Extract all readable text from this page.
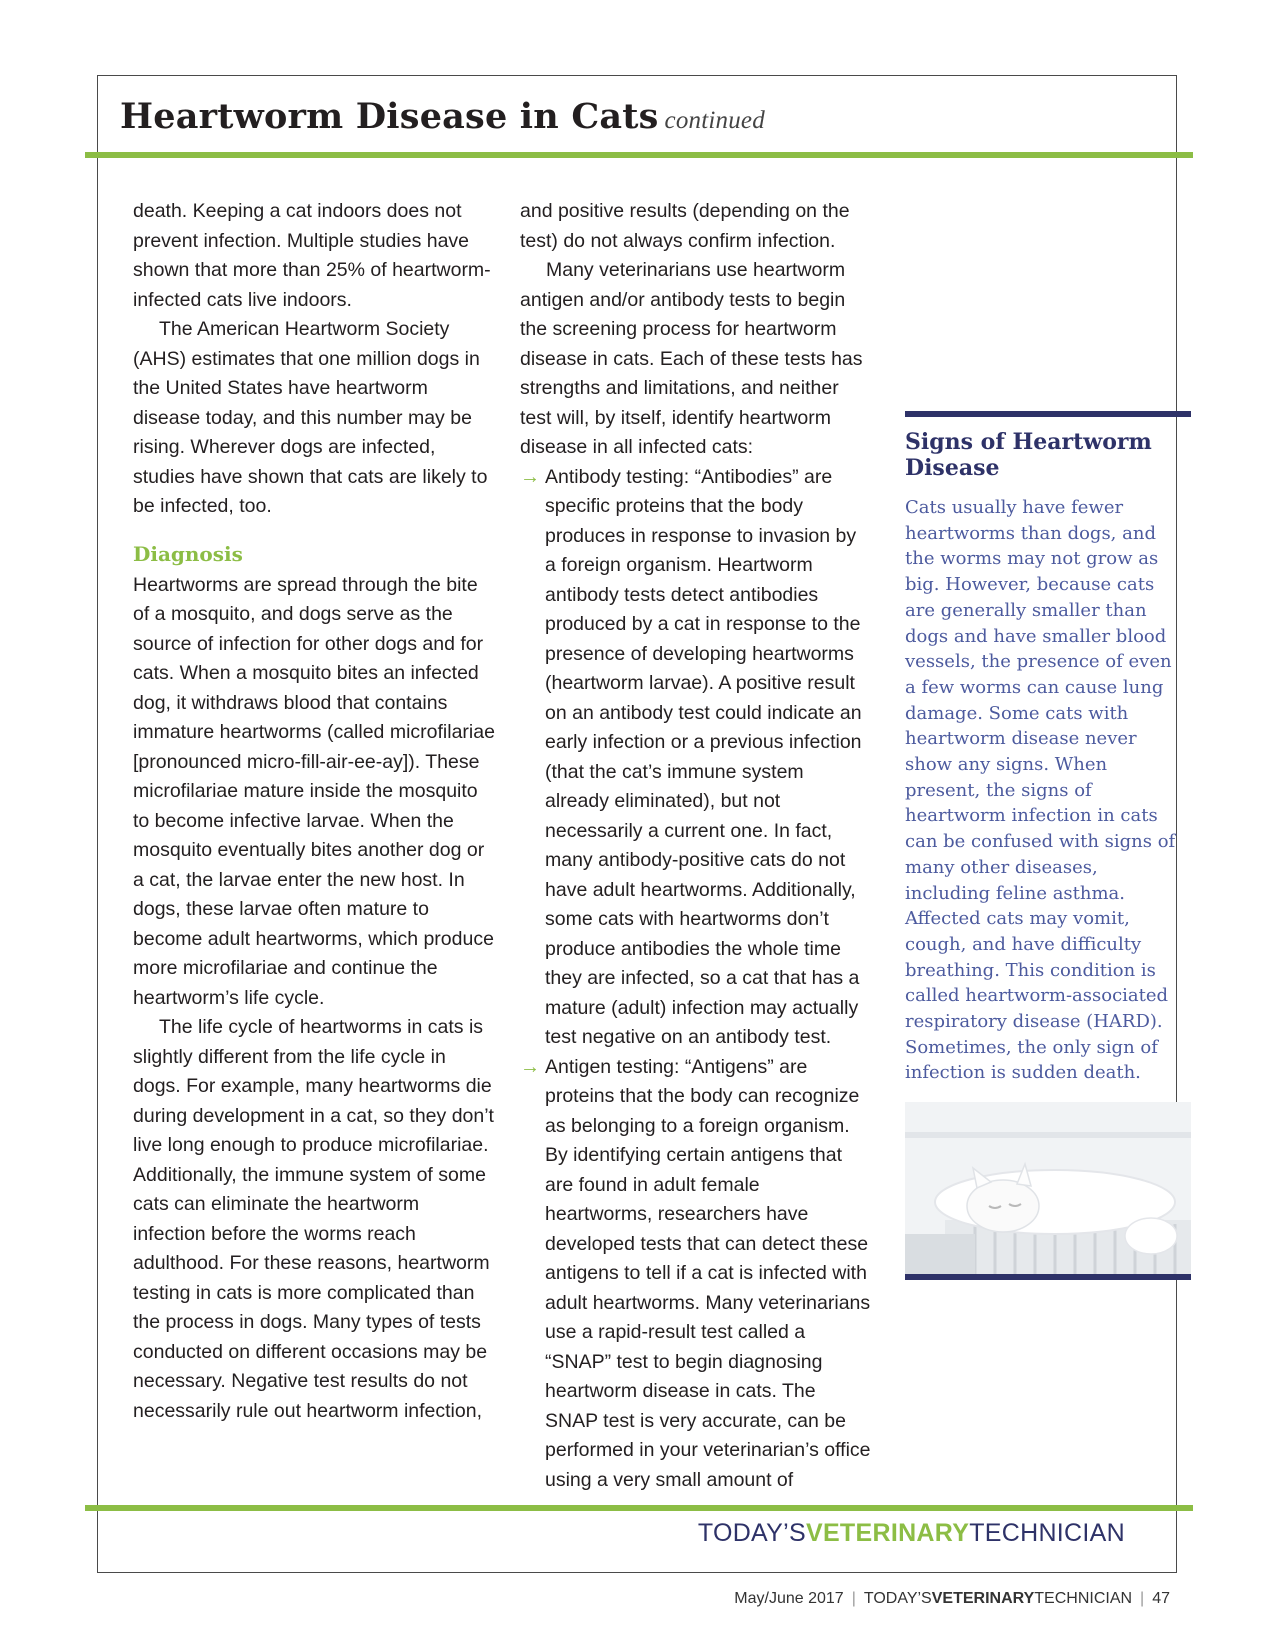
Heartworm Disease in Cats continued

death. Keeping a cat indoors does not prevent infection. Multiple studies have shown that more than 25% of heartworm-infected cats live indoors.

The American Heartworm Society (AHS) estimates that one million dogs in the United States have heartworm disease today, and this number may be rising. Wherever dogs are infected, studies have shown that cats are likely to be infected, too.

Diagnosis

Heartworms are spread through the bite of a mosquito, and dogs serve as the source of infection for other dogs and for cats. When a mosquito bites an infected dog, it withdraws blood that contains immature heartworms (called microfilariae [pronounced micro-fill-air-ee-ay]). These microfilariae mature inside the mosquito to become infective larvae. When the mosquito eventually bites another dog or a cat, the larvae enter the new host. In dogs, these larvae often mature to become adult heartworms, which produce more microfilariae and continue the heartworm’s life cycle.

The life cycle of heartworms in cats is slightly different from the life cycle in dogs. For example, many heartworms die during development in a cat, so they don’t live long enough to produce microfilariae. Additionally, the immune system of some cats can eliminate the heartworm infection before the worms reach adulthood. For these reasons, heartworm testing in cats is more complicated than the process in dogs. Many types of tests conducted on different occasions may be necessary. Negative test results do not necessarily rule out heartworm infection,

and positive results (depending on the test) do not always confirm infection.

Many veterinarians use heartworm antigen and/or antibody tests to begin the screening process for heartworm disease in cats. Each of these tests has strengths and limitations, and neither test will, by itself, identify heartworm disease in all infected cats:

→ Antibody testing: “Antibodies” are specific proteins that the body produces in response to invasion by a foreign organism. Heartworm antibody tests detect antibodies produced by a cat in response to the presence of developing heartworms (heartworm larvae). A positive result on an antibody test could indicate an early infection or a previous infection (that the cat’s immune system already eliminated), but not necessarily a current one. In fact, many antibody-positive cats do not have adult heartworms. Additionally, some cats with heartworms don’t produce antibodies the whole time they are infected, so a cat that has a mature (adult) infection may actually test negative on an antibody test.
→ Antigen testing: “Antigens” are proteins that the body can recognize as belonging to a foreign organism. By identifying certain antigens that are found in adult female heartworms, researchers have developed tests that can detect these antigens to tell if a cat is infected with adult heartworms. Many veterinarians use a rapid-result test called a “SNAP” test to begin diagnosing heartworm disease in cats. The SNAP test is very accurate, can be performed in your veterinarian’s office using a very small amount of
Signs of Heartworm Disease

Cats usually have fewer heartworms than dogs, and the worms may not grow as big. However, because cats are generally smaller than dogs and have smaller blood vessels, the presence of even a few worms can cause lung damage. Some cats with heartworm disease never show any signs. When present, the signs of heartworm infection in cats can be confused with signs of many other diseases, including feline asthma. Affected cats may vomit, cough, and have difficulty breathing. This condition is called heartworm-associated respiratory disease (HARD). Sometimes, the only sign of infection is sudden death.

TODAY’SVETERINARYTECHNICIAN
May/June 2017 | TODAY’SVETERINARYTECHNICIAN | 47
